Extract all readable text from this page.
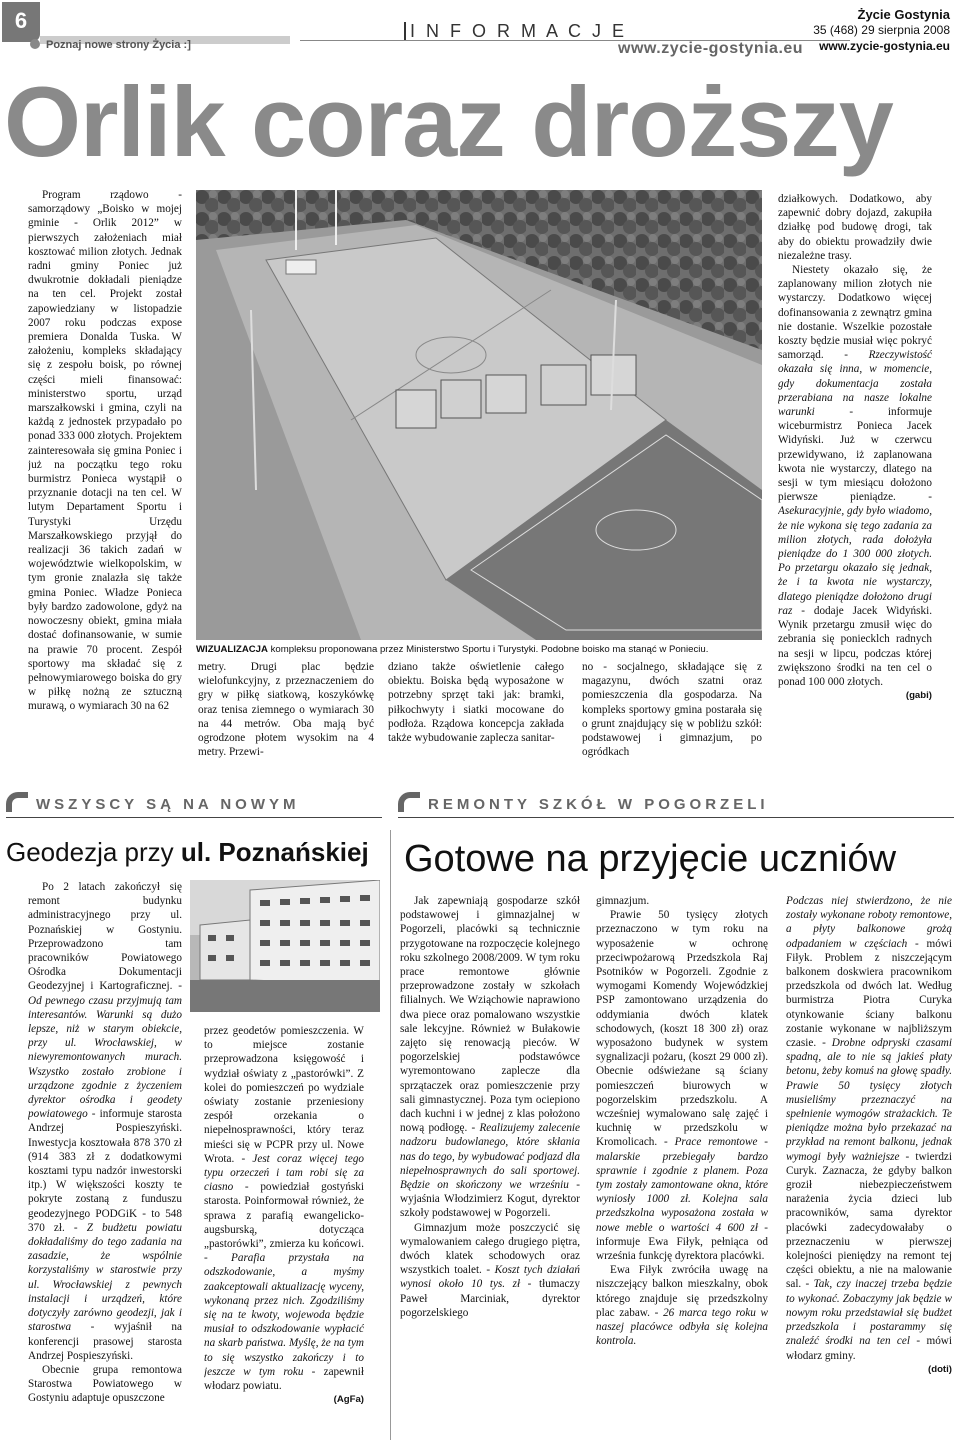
6
Poznaj nowe strony Życia :]
I N F O R M A C J E
www.zycie-gostynia.eu
Życie Gostynia
35 (468) 29 sierpnia 2008
www.zycie-gostynia.eu
Orlik coraz droższy

Program rządowo - samorządowy „Boisko w mojej gminie - Orlik 2012” w pierwszych założeniach miał kosztować milion złotych. Jednak radni gminy Poniec już dwukrotnie dokładali pieniądze na ten cel. Projekt został zapowiedziany w listopadzie 2007 roku podczas expose premiera Donalda Tuska. W założeniu, kompleks składający się z zespołu boisk, po równej części mieli finansować: ministerstwo sportu, urząd marszałkowski i gmina, czyli na każdą z jednostek przypadało po ponad 333 000 złotych. Projektem zainteresowała się gmina Poniec i już na początku tego roku burmistrz Ponieca wystąpił o przyznanie dotacji na ten cel. W lutym Departament Sportu i Turystyki Urzędu Marszałkowskiego przyjął do realizacji 36 takich zadań w województwie wielkopolskim, w tym gronie znalazła się także gmina Poniec. Władze Ponieca były bardzo zadowolone, gdyż na nowoczesny obiekt, gmina miała dostać dofinansowanie, w sumie na prawie 70 procent. Zespół sportowy ma składać się z pełnowymiarowego boiska do gry w piłkę nożną ze sztuczną murawą, o wymiarach 30 na 62

WIZUALIZACJA kompleksu proponowana przez Ministerstwo Sportu i Turystyki. Podobne boisko ma stanąć w Ponieciu.

metry. Drugi plac będzie wielofunkcyjny, z przeznaczeniem do gry w piłkę siatkową, koszykówkę oraz tenisa ziemnego o wymiarach 30 na 44 metrów. Oba mają być ogrodzone płotem wysokim na 4 metry. Przewi-

dziano także oświetlenie całego obiektu. Boiska będą wyposażone w potrzebny sprzęt taki jak: bramki, piłkochwyty i siatki mocowane do podłoża. Rządowa koncepcja zakłada także wybudowanie zaplecza sanitar-

no - socjalnego, składające się z magazynu, dwóch szatni oraz pomieszczenia dla gospodarza. Na kompleks sportowy gmina postarała się o grunt znajdujący się w pobliżu szkół: podstawowej i gimnazjum, po ogródkach

działkowych. Dodatkowo, aby zapewnić dobry dojazd, zakupiła działkę pod budowę drogi, tak aby do obiektu prowadziły dwie niezależne trasy.

Niestety okazało się, że zaplanowany milion złotych nie wystarczy. Dodatkowo więcej dofinansowania z zewnątrz gmina nie dostanie. Wszelkie pozostałe koszty będzie musiał więc pokryć samorząd. - Rzeczywistość okazała się inna, w momencie, gdy dokumentacja została przerabiana na nasze lokalne warunki - informuje wiceburmistrz Ponieca Jacek Widyński. Już w czerwcu przewidywano, iż zaplanowana kwota nie wystarczy, dlatego na sesji w tym miesiącu dołożono pierwsze pieniądze. - Asekuracyjnie, gdy było wiadomo, że nie wykona się tego zadania za milion złotych, rada dołożyła pieniądze do 1 300 000 złotych. Po przetargu okazało się jednak, że i ta kwota nie wystarczy, dlatego pieniądze dołożono drugi raz - dodaje Jacek Widyński. Wynik przetargu zmusił więc do zebrania się poniecklch radnych na sesji w lipcu, podczas której zwiększono środki na ten cel o ponad 100 000 złotych.

(gabi)

WSZYSCY SĄ NA NOWYM	REMONTY SZKÓŁ W POGORZELI
Geodezja przy ul. Poznańskiej

Po 2 latach zakończył się remont budynku administracyjnego przy ul. Poznańskiej w Gostyniu. Przeprowadzono tam pracowników Powiatowego Ośrodka Dokumentacji Geodezyjnej i Kartograficznej. - Od pewnego czasu przyjmują tam interesantów. Warunki są dużo lepsze, niż w starym obiekcie, przy ul. Wrocławskiej, w niewyremontowanych murach. Wszystko zostało zrobione i urządzone zgodnie z życzeniem dyrektor ośrodka i geodety powiatowego - informuje starosta Andrzej Pospieszyński. Inwestycja kosztowała 878 370 zł (914 383 zł z dodatkowymi kosztami typu nadzór inwestorski itp.) W większości koszty te pokryte zostaną z funduszu geodezyjnego PODGiK - to 548 370 zł. - Z budżetu powiatu dokładaliśmy do tego zadania na zasadzie, że wspólnie korzystaliśmy w starostwie przy ul. Wrocławskiej z pewnych instalacji i urządzeń, które dotyczyły zarówno geodezji, jak i starostwa - wyjaśnił na konferencji prasowej starosta Andrzej Pospieszyński.

Obecnie grupa remontowa Starostwa Powiatowego w Gostyniu adaptuje opuszczone

przez geodetów pomieszczenia. W to miejsce zostanie przeprowadzona księgowość i wydział oświaty z „pastorówki”. Z kolei do pomieszczeń po wydziale oświaty zostanie przeniesiony zespół orzekania o niepełnosprawności, który teraz mieści się w PCPR przy ul. Nowe Wrota. - Jest coraz więcej tego typu orzeczeń i tam robi się za ciasno - powiedział gostyński starosta. Poinformował również, że sprawa z parafią ewangelicko-augsburską, dotycząca „pastorówki”, zmierza ku końcowi. - Parafia przystała na odszkodowanie, a myśmy zaakceptowali aktualizację wyceny, wykonaną przez nich. Zgodziliśmy się na te kwoty, wojewoda będzie musiał to odszkodowanie wypłacić na skarb państwa. Myślę, że na tym to się wszystko zakończy i to jeszcze w tym roku - zapewnił włodarz powiatu.

(AgFa)

Gotowe na przyjęcie uczniów

Jak zapewniają gospodarze szkół podstawowej i gimnazjalnej w Pogorzeli, placówki są technicznie przygotowane na rozpoczęcie kolejnego roku szkolnego 2008/2009. W tym roku prace remontowe głównie przeprowadzone zostały w szkołach filialnych. We Wziąchowie naprawiono dwa piece oraz pomalowano wszystkie sale lekcyjne. Również w Bułakowie zajęto się renowacją pieców. W pogorzelskiej podstawówce wyremontowano zaplecze dla sprzątaczek oraz pomieszczenie przy sali gimnastycznej. Poza tym ociepiono dach kuchni i w jednej z klas położono nową podłogę. - Realizujemy zalecenie nadzoru budowlanego, które skłania nas do tego, by wybudować podjazd dla niepełnosprawnych do sali sportowej. Będzie on skończony we wrześniu - wyjaśnia Włodzimierz Kogut, dyrektor szkoły podstawowej w Pogorzeli.

Gimnazjum może poszczycić się wymalowaniem całego drugiego piętra, dwóch klatek schodowych oraz wszystkich toalet. - Koszt tych działań wynosi około 10 tys. zł - tłumaczy Paweł Marciniak, dyrektor pogorzelskiego

gimnazjum.

Prawie 50 tysięcy złotych przeznaczono w tym roku na wyposażenie w ochronę przeciwpożarową Przedszkola Raj Psotników w Pogorzeli. Zgodnie z wymogami Komendy Wojewódzkiej PSP zamontowano urządzenia do oddymiania dwóch klatek schodowych, (koszt 18 300 zł) oraz wyposażono budynek w system sygnalizacji pożaru, (koszt 29 000 zł). Obecnie odświeżane są ściany pomieszczeń biurowych w pogorzelskim przedszkolu. A wcześniej wymalowano salę zajęć i kuchnię w przedszkolu w Kromolicach. - Prace remontowe - malarskie przebiegały bardzo sprawnie i zgodnie z planem. Poza tym zostały zamontowane okna, które wyniosły 1000 zł. Kolejna sala przedszkolna wyposażona została w nowe meble o wartości 4 600 zł - informuje Ewa Fiłyk, pełniąca od września funkcję dyrektora placówki.

Ewa Fiłyk zwróciła uwagę na niszczejący balkon mieszkalny, obok którego znajduje się przedszkolny plac zabaw. - 26 marca tego roku w naszej placówce odbyła się kolejna kontrola.

Podczas niej stwierdzono, że nie zostały wykonane roboty remontowe, a płyty balkonowe grożą odpadaniem w częściach - mówi Fiłyk. Problem z niszczejącym balkonem doskwiera pracownikom przedszkola od dwóch lat. Według burmistrza Piotra Curyka otynkowanie ściany balkonu zostanie wykonane w najbliższym czasie. - Drobne odpryski czasami spadną, ale to nie są jakieś płaty betonu, żeby komuś na głowę spadły. Prawie 50 tysięcy złotych musieliśmy przeznaczyć na spełnienie wymogów strażackich. Te pieniądze można było przekazać na przykład na remont balkonu, jednak wymogi były ważniejsze - twierdzi Curyk. Zaznacza, że gdyby balkon groził niebezpieczeństwem narażenia życia dzieci lub pracowników, sama dyrektor placówki zadecydowałaby o przeznaczeniu w pierwszej kolejności pieniędzy na remont tej części obiektu, a nie na malowanie sal. - Tak, czy inaczej trzeba będzie to wykonać. Zobaczymy jak będzie w nowym roku przedstawiał się budżet przedszkola i postarammy się znaleźć środki na ten cel - mówi włodarz gminy.

(doti)
